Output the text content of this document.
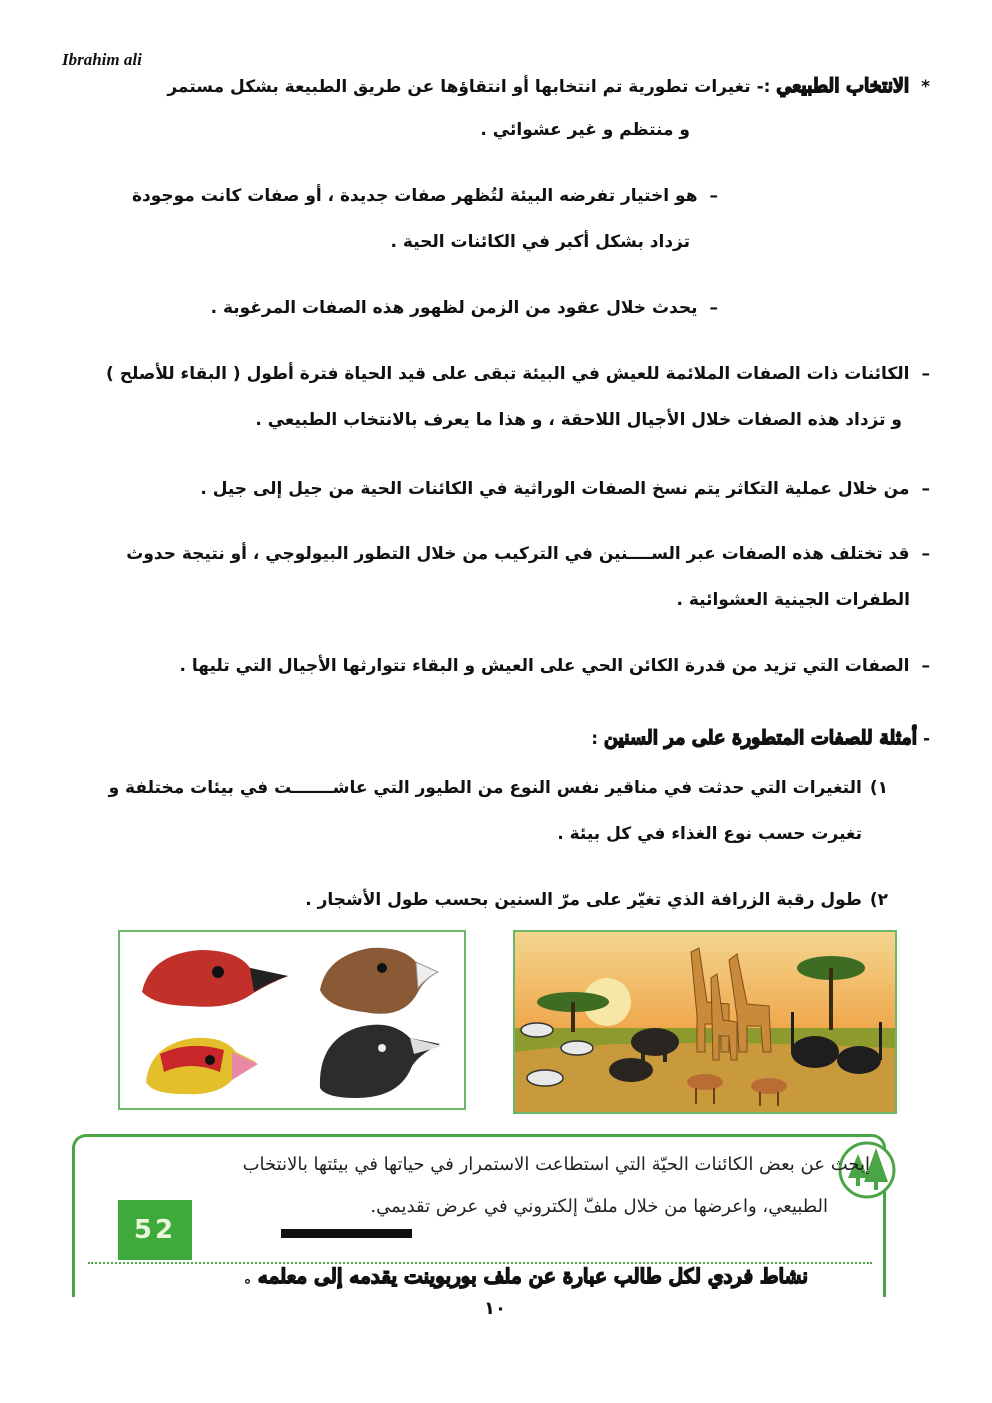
Ibrahim ali
* الانتخاب الطبيعي :- تغيرات تطورية تم انتخابها أو انتقاؤها عن طريق الطبيعة بشكل مستمر
و منتظم و غير عشوائي .
–هو اختيار تفرضه البيئة لتُظهر صفات جديدة ، أو صفات كانت موجودة
تزداد بشكل أكبر في الكائنات الحية .
–يحدث خلال عقود من الزمن لظهور هذه الصفات المرغوبة .
–الكائنات ذات الصفات الملائمة للعيش في البيئة تبقى على قيد الحياة فترة أطول ( البقاء للأصلح )
و تزداد هذه الصفات خلال الأجيال اللاحقة ، و هذا ما يعرف بالانتخاب الطبيعي .
–من خلال عملية التكاثر يتم نسخ الصفات الوراثية في الكائنات الحية من جيل إلى جيل .
–قد تختلف هذه الصفات عبر الســــنين في التركيب من خلال التطور البيولوجي ، أو نتيجة حدوث
الطفرات الجينية العشوائية .
–الصفات التي تزيد من قدرة الكائن الحي على العيش و البقاء تتوارثها الأجيال التي تليها .
- أمثلة للصفات المتطورة على مر السنين :
١)التغيرات التي حدثت في مناقير نفس النوع من الطيور التي عاشـــــــت في بيئات مختلفة و
تغيرت حسب نوع الغذاء في كل بيئة .
٢)طول رقبة الزرافة الذي تغيّر على مرّ السنين بحسب طول الأشجار .
إبحث عن بعض الكائنات الحيّة التي استطاعت الاستمرار في حياتها في بيئتها بالانتخاب
الطبيعي، واعرضها من خلال ملفّ إلكتروني في عرض تقديمي.
52
نشاط فردي لكل طالب عبارة عن ملف بوربوينت يقدمه إلى معلمه .
١٠
